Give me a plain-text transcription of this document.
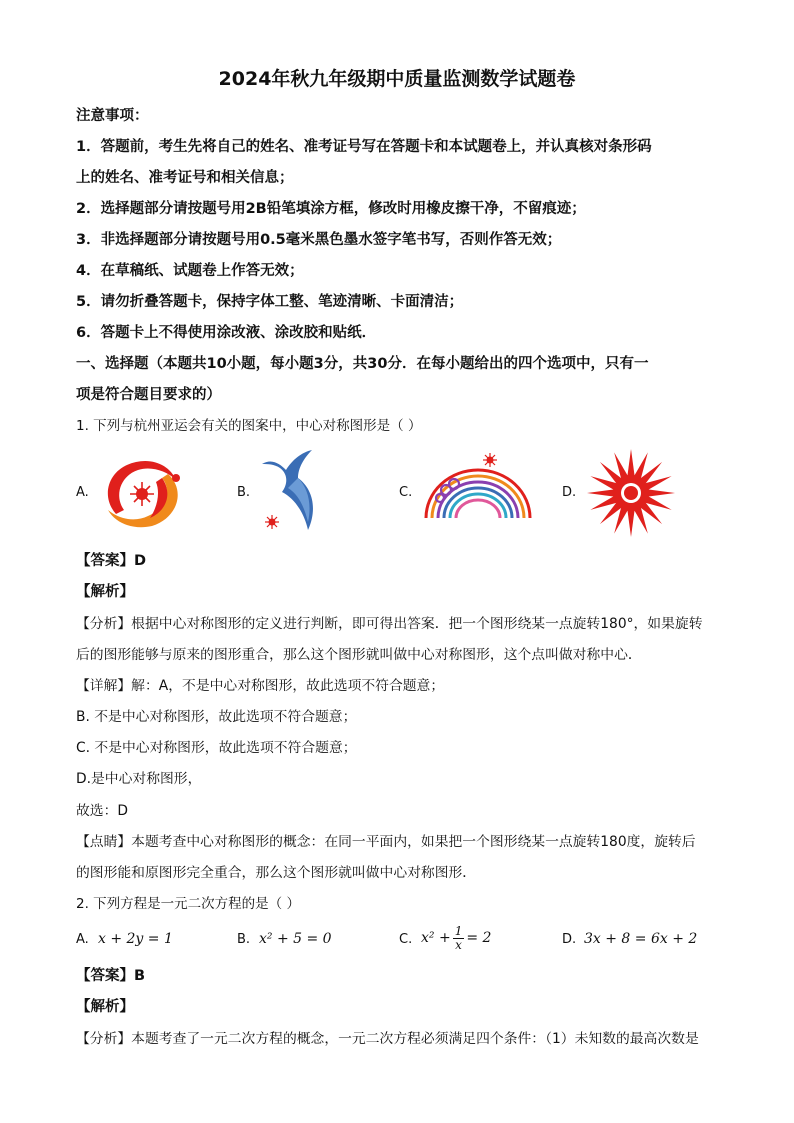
2024年秋九年级期中质量监测数学试题卷
注意事项：
1．答题前，考生先将自己的姓名、准考证号写在答题卡和本试题卷上，并认真核对条形码
上的姓名、准考证号和相关信息；
2．选择题部分请按题号用2B铅笔填涂方框，修改时用橡皮擦干净，不留痕迹；
3．非选择题部分请按题号用0.5毫米黑色墨水签字笔书写，否则作答无效；
4．在草稿纸、试题卷上作答无效；
5．请勿折叠答题卡，保持字体工整、笔迹清晰、卡面清洁；
6．答题卡上不得使用涂改液、涂改胶和贴纸．
一、选择题（本题共10小题，每小题3分，共30分．在每小题给出的四个选项中，只有一
项是符合题目要求的）
1. 下列与杭州亚运会有关的图案中，中心对称图形是（ ）
A.	B.	C.	D.
【答案】D
【解析】
【分析】根据中心对称图形的定义进行判断，即可得出答案．把一个图形绕某一点旋转180°，如果旋转
后的图形能够与原来的图形重合，那么这个图形就叫做中心对称图形，这个点叫做对称中心．
【详解】解：A，不是中心对称图形，故此选项不符合题意；
B. 不是中心对称图形，故此选项不符合题意；
C. 不是中心对称图形，故此选项不符合题意；
D.是中心对称图形，
故选：D
【点睛】本题考查中心对称图形的概念：在同一平面内，如果把一个图形绕某一点旋转180度，旋转后
的图形能和原图形完全重合，那么这个图形就叫做中心对称图形．
2. 下列方程是一元二次方程的是（ ）
A. x + 2y = 1	B. x² + 5 = 0	C. $x^2 + \frac{1}{x} = 2$	D. 3x + 8 = 6x + 2
【答案】B
【解析】
【分析】本题考查了一元二次方程的概念，一元二次方程必须满足四个条件：（1）未知数的最高次数是
